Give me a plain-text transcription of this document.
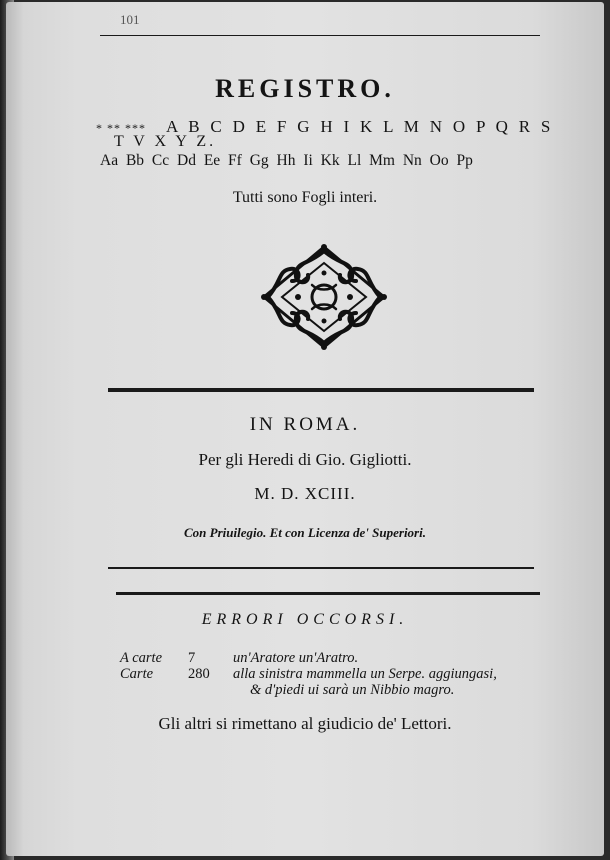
101
REGISTRO.
* ** *** A B C D E F G H I K L M N O P Q R S
T V X Y Z.
Aa Bb Cc Dd Ee Ff Gg Hh Ii Kk Ll Mm Nn Oo Pp
Tutti sono Fogli interi.
IN ROMA.
Per gli Heredi di Gio. Gigliotti.
M. D. XCIII.
Con Priuilegio. Et con Licenza de' Superiori.
ERRORI OCCORSI.
A carte 7	un'Aratore un'Aratro.
Carte 280 alla sinistra mammella un Serpe. aggiungasi,
& d'piedi ui sarà un Nibbio magro.
Gli altri si rimettano al giudicio de' Lettori.
